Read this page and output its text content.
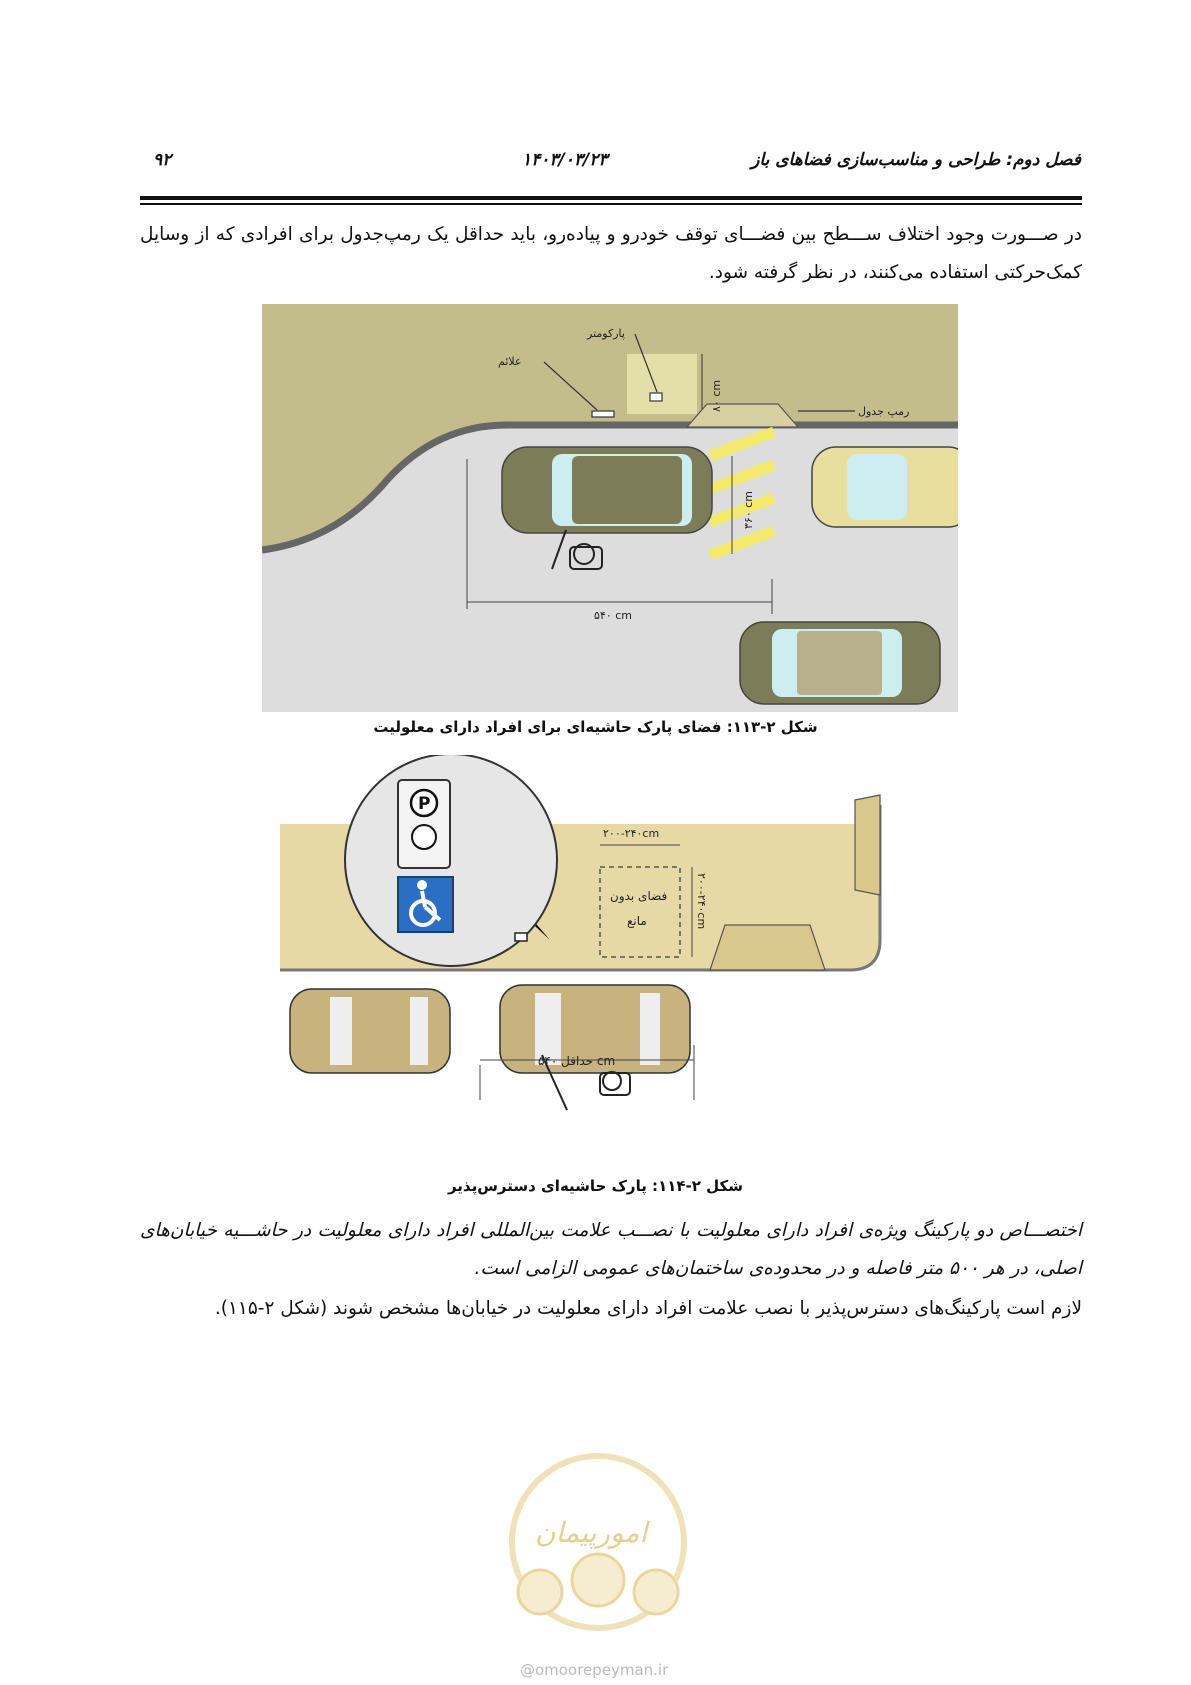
۹۲	۱۴۰۳/۰۳/۲۳	فصل دوم: طراحی و مناسب‌سازی فضاهای باز
در صـــورت وجود اختلاف ســـطح بین فضـــای توقف خودرو و پیاده‌رو، باید حداقل یک رمپ‌جدول برای افرادی که از وسایل کمک‌حرکتی استفاده می‌کنند، در نظر گرفته شود.
پارکومتر
علائم
رمپ جدول
۸۰ cm
۳۶۰ cm
۵۴۰ cm
شکل ۲-۱۱۳: فضای پارک حاشیه‌ای برای افراد دارای معلولیت
P
۲۰۰-۲۴۰cm
۲۰۰-۲۴۰cm
فضای بدون
مانع
حداقل ۵۴۰ cm
شکل ۲-۱۱۴: پارک حاشیه‌ای دسترس‌پذیر
اختصـــاص دو پارکینگ ویژه‌ی افراد دارای معلولیت با نصـــب علامت بین‌المللی افراد دارای معلولیت در حاشـــیه خیابان‌های اصلی، در هر ۵۰۰ متر فاصله و در محدوده‌ی ساختمان‌های عمومی الزامی است.
لازم است پارکینگ‌های دسترس‌پذیر با نصب علامت افراد دارای معلولیت در خیابان‌ها مشخص شوند (شکل ۲-۱۱۵).
امورپیمان
@omoorepeyman.ir
